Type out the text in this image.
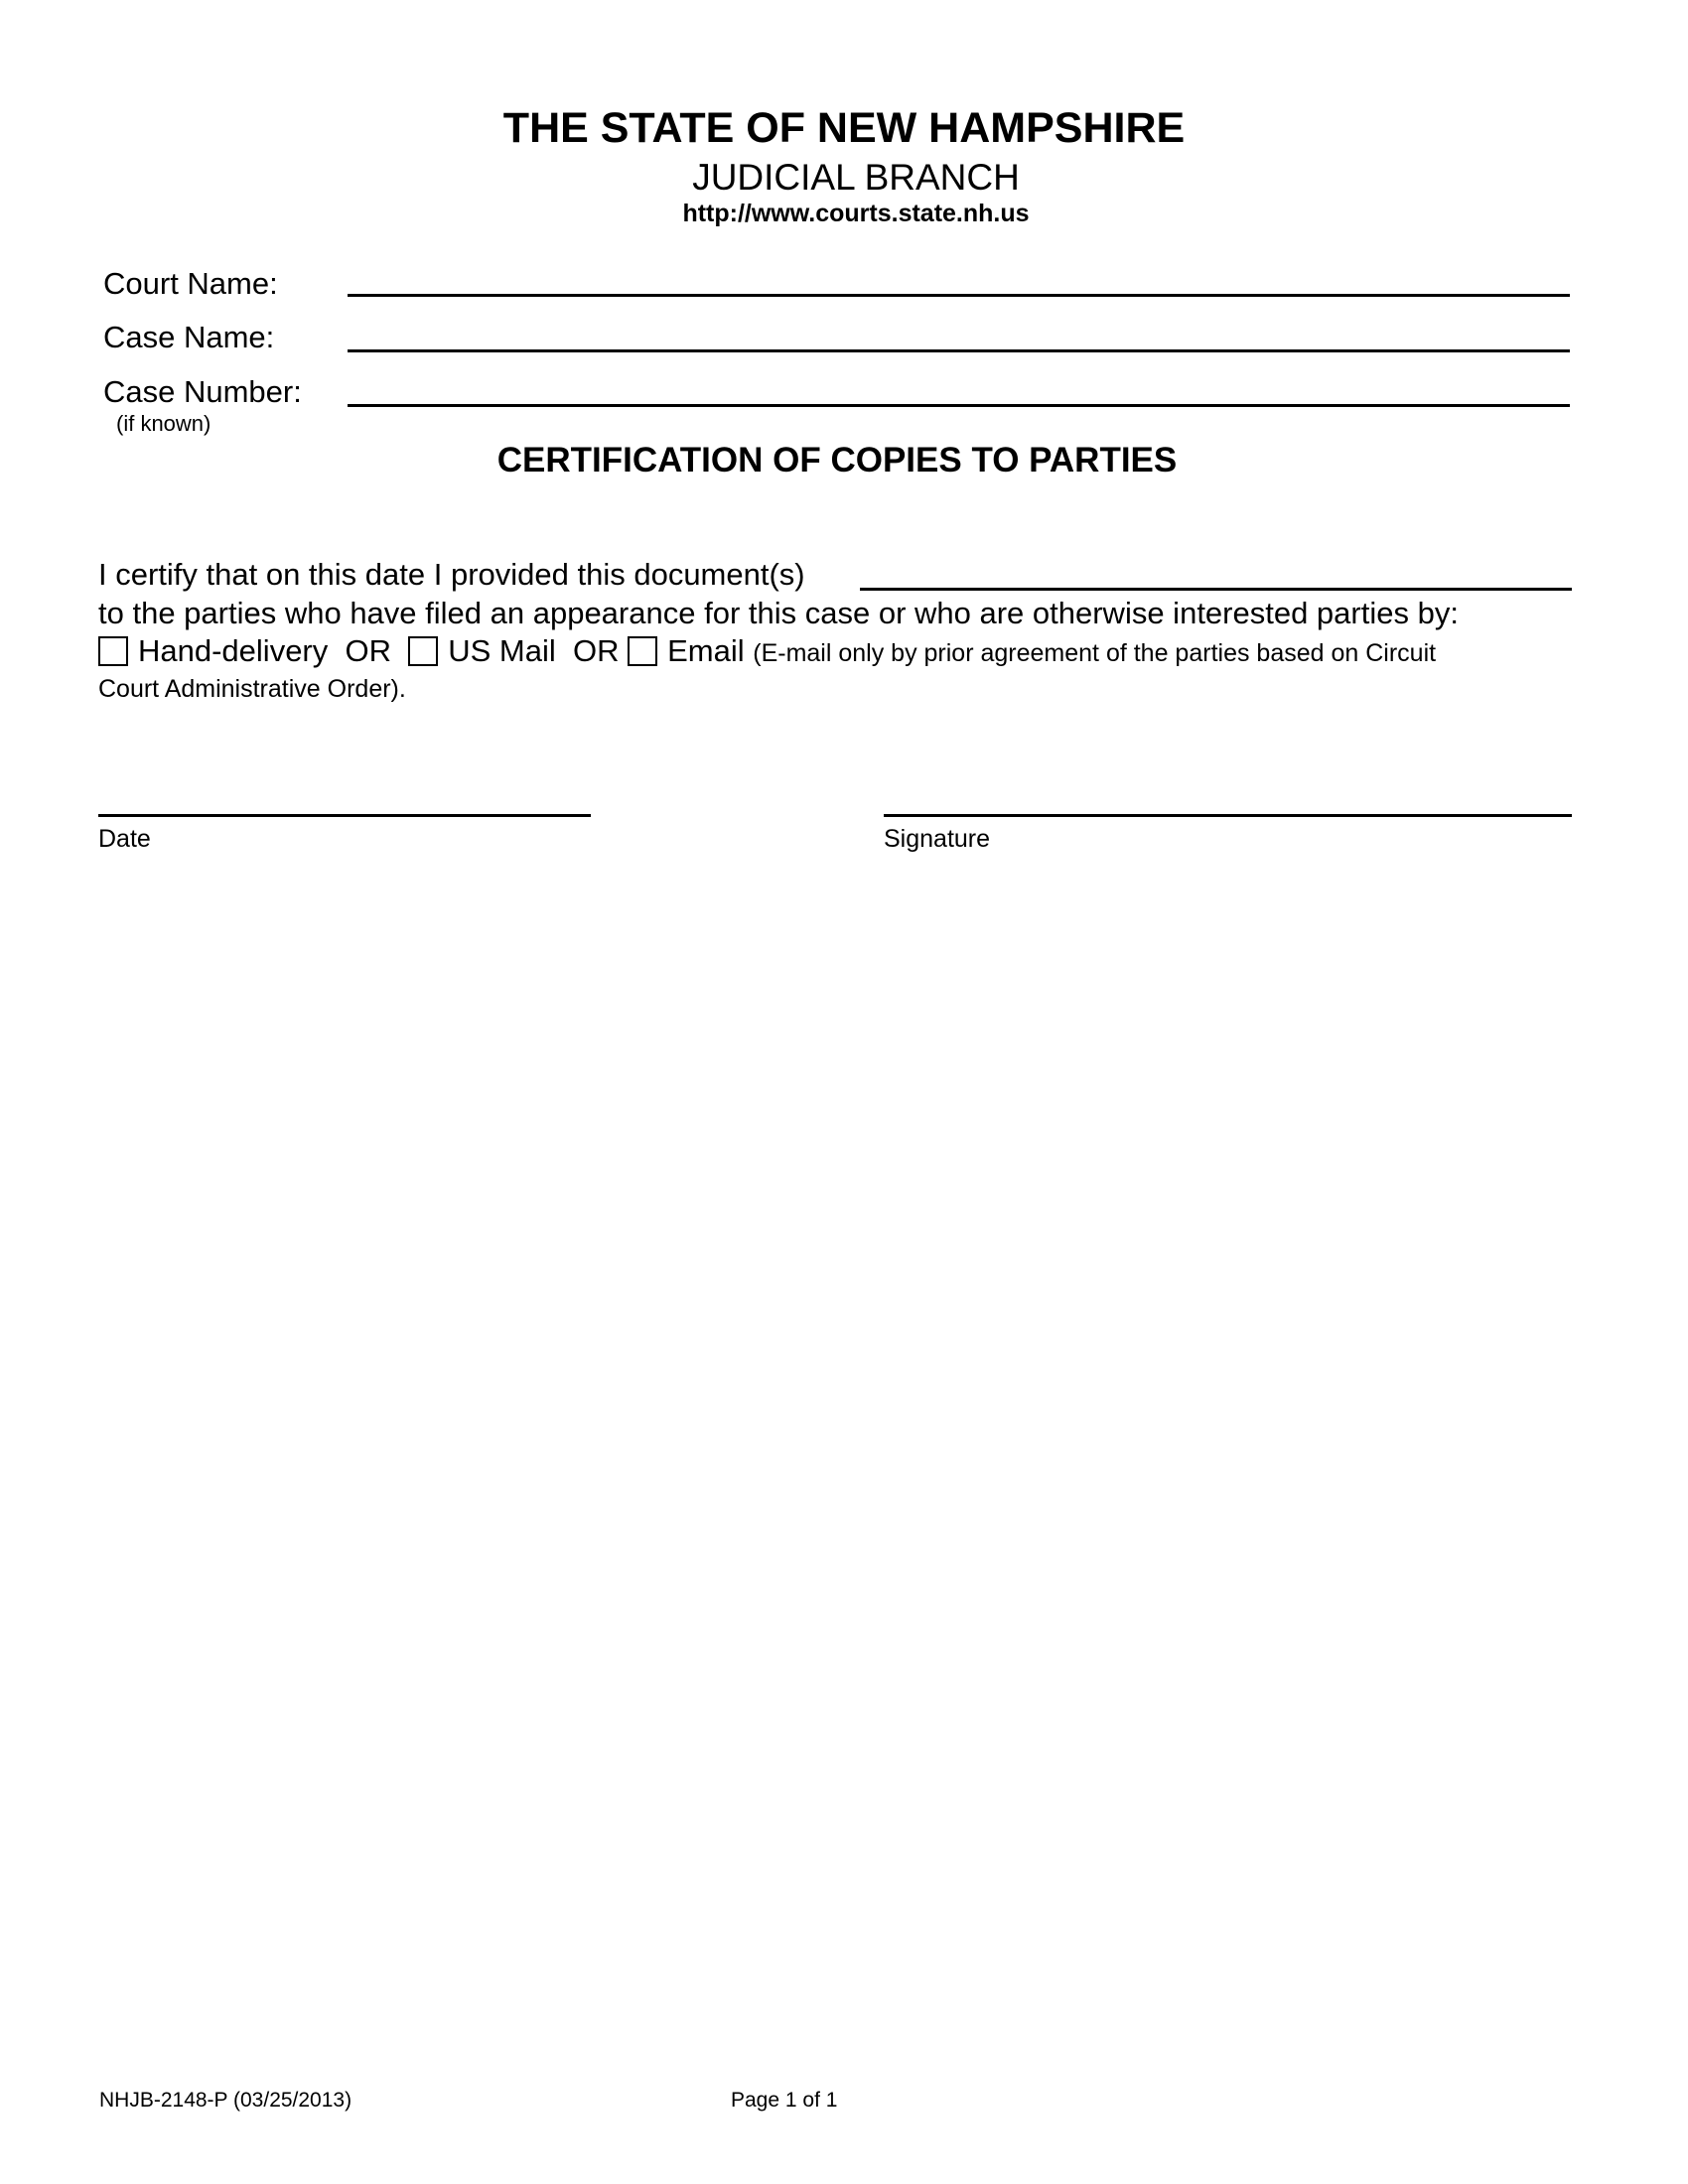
THE STATE OF NEW HAMPSHIRE
JUDICIAL BRANCH
http://www.courts.state.nh.us
Court Name:
Case Name:
Case Number:
(if known)
CERTIFICATION OF COPIES TO PARTIES
I certify that on this date I provided this document(s)
to the parties who have filed an appearance for this case or who are otherwise interested parties by:
Hand-delivery OR US Mail OR Email (E-mail only by prior agreement of the parties based on Circuit
Court Administrative Order).
Date	Signature
NHJB-2148-P (03/25/2013)	Page 1 of 1
